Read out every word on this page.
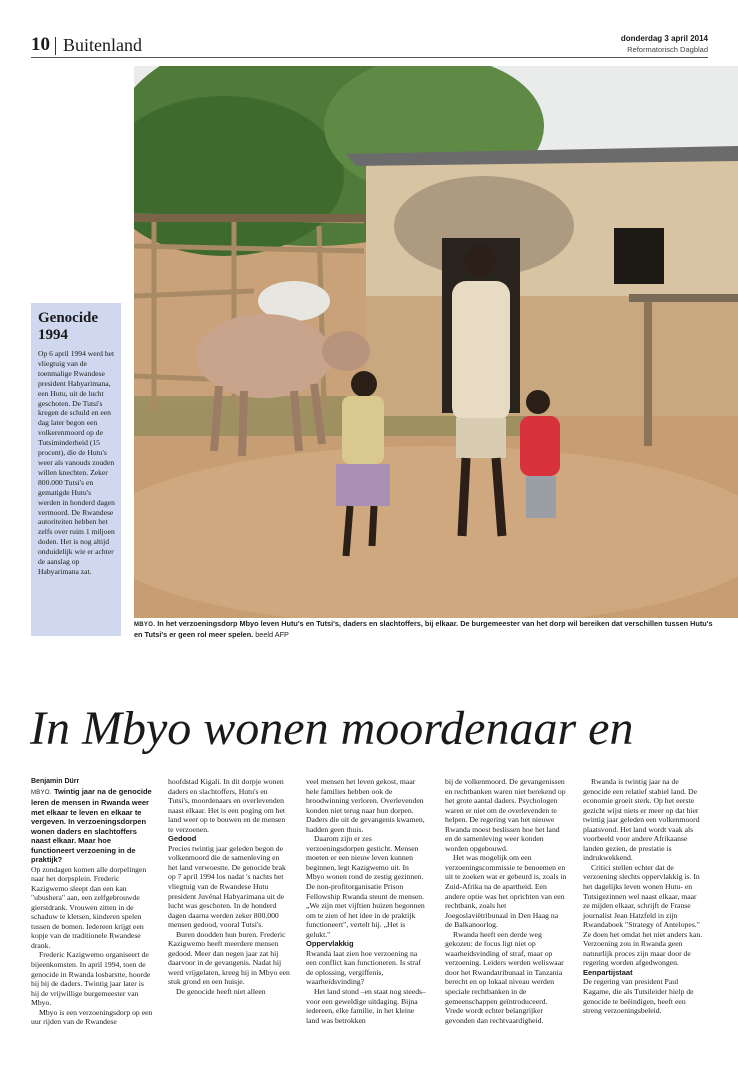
10 Buitenland	donderdag 3 april 2014
Reformatorisch Dagblad
MBYO. In het verzoeningsdorp Mbyo leven Hutu's en Tutsi's, daders en slachtoffers, bij elkaar. De burgemeester van het dorp wil bereiken dat verschillen tussen Hutu's en Tutsi's er geen rol meer spelen. beeld AFP
Genocide 1994
Op 6 april 1994 werd het vliegtuig van de toenmalige Rwandese president Habyarimana, een Hutu, uit de lucht geschoten. De Tutsi's kregen de schuld en een dag later begon een volkerenmoord op de Tutsiminderheid (15 procent), die de Hutu's weer als vanouds zouden willen knechten. Zeker 800.000 Tutsi's en gematigde Hutu's werden in honderd dagen vermoord. De Rwandese autoriteiten hebben het zelfs over ruim 1 miljoen doden. Het is nog altijd onduidelijk wie er achter de aanslag op Habyarimana zat.
In Mbyo wonen moordenaar en

Benjamin Dürr

MBYO. Twintig jaar na de genocide leren de mensen in Rwanda weer met elkaar te leven en elkaar te vergeven. In verzoeningsdorpen wonen daders en slachtoffers naast elkaar. Maar hoe functioneert verzoening in de praktijk?

Op zondagen komen alle dorpelingen naar het dorpsplein. Frederic Kazigwemo sleept dan een kan "ubushera" aan, een zelfgebrouwde gierstdrank. Vrouwen zitten in de schaduw te kletsen, kinderen spelen tussen de bomen. Iedereen krijgt een kopje van de traditionele Rwandese drank.

Frederic Kazigwemo organiseert de bijeenkomsten. In april 1994, toen de genocide in Rwanda losbarstte, hoorde hij bij de daders. Twintig jaar later is hij de vrijwillige burgemeester van Mbyo.

Mbyo is een verzoeningsdorp op een uur rijden van de Rwandese

hoofdstad Kigali. In dit dorpje wonen daders en slachtoffers, Hutu's en Tutsi's, moordenaars en overlevenden naast elkaar. Het is een poging om het land weer op te bouwen en de mensen te verzoenen.

Gedood

Precies twintig jaar geleden begon de volkenmoord die de samenleving en het land verwoestte. De genocide brak op 7 april 1994 los nadat 's nachts het vliegtuig van de Rwandese Hutu president Juvénal Habyarimana uit de lucht was geschoten. In de honderd dagen daarna werden zeker 800.000 mensen gedood, vooral Tutsi's.

Buren doodden hun buren. Frederic Kazigwemo heeft meerdere mensen gedood. Meer dan negen jaar zat hij daarvoor in de gevangenis. Nadat hij werd vrijgelaten, kreeg hij in Mbyo een stuk grond en een huisje.

De genocide heeft niet alleen

veel mensen het leven gekost, maar hele families hebben ook de broodwinning verloren. Overlevenden konden niet terug naar hun dorpen. Daders die uit de gevangenis kwamen, hadden geen thuis.

Daarom zijn er zes verzoeningsdorpen gesticht. Mensen moeten er een nieuw leven kunnen beginnen, legt Kazigwemo uit. In Mbyo wonen rond de zestig gezinnen. De non-profitorganisatie Prison Fellowship Rwanda steunt de mensen. „We zijn met vijftien huizen begonnen om te zien of het idee in de praktijk functioneert", vertelt hij. „Het is gelukt."

Oppervlakkig

Rwanda laat zien hoe verzoening na een conflict kan functioneren. Is straf de oplossing, vergiffenis, waarheidsvinding?

Het land stond –en staat nog steeds– voor een geweldige uitdaging. Bijna iedereen, elke familie, in het kleine land was betrokken

bij de volkenmoord. De gevangenissen en rechtbanken waren niet berekend op het grote aantal daders. Psychologen waren er niet om de overlevenden te helpen. De regering van het nieuwe Rwanda moest beslissen hoe het land en de samenleving weer konden worden opgebouwd.

Het was mogelijk om een verzoeningscommissie te benoemen en uit te zoeken wat er gebeurd is, zoals in Zuid-Afrika na de apartheid. Een andere optie was het oprichten van een rechtbank, zoals het Joegoslaviëtribunaal in Den Haag na de Balkanoorlog.

Rwanda heeft een derde weg gekozen: de focus ligt niet op waarheidsvinding of straf, maar op verzoening. Leiders werden weliswaar door het Rwandatribunaal in Tanzania berecht en op lokaal niveau werden speciale rechtbanken in de gemeenschappen geïntroduceerd. Vrede wordt echter belangrijker gevonden dan rechtvaardigheid.

Rwanda is twintig jaar na de genocide een relatief stabiel land. De economie groeit sterk. Op het eerste gezicht wijst niets er meer op dat hier twintig jaar geleden een volkenmoord plaatsvond. Het land wordt vaak als voorbeeld voor andere Afrikaanse landen gezien, de prestatie is indrukwekkend.

Critici stellen echter dat de verzoening slechts oppervlakkig is. In het dagelijks leven wonen Hutu- en Tutsigezinnen wel naast elkaar, maar ze mijden elkaar, schrijft de Franse journalist Jean Hatzfeld in zijn Rwandaboek "Strategy of Antelopes." Ze doen het omdat het niet anders kan. Verzoening zou in Rwanda geen natuurlijk proces zijn maar door de regering worden afgedwongen.

Eenpartijstaat

De regering van president Paul Kagame, die als Tutsileider hielp de genocide te beëindigen, heeft een streng verzoeningsbeleid.
